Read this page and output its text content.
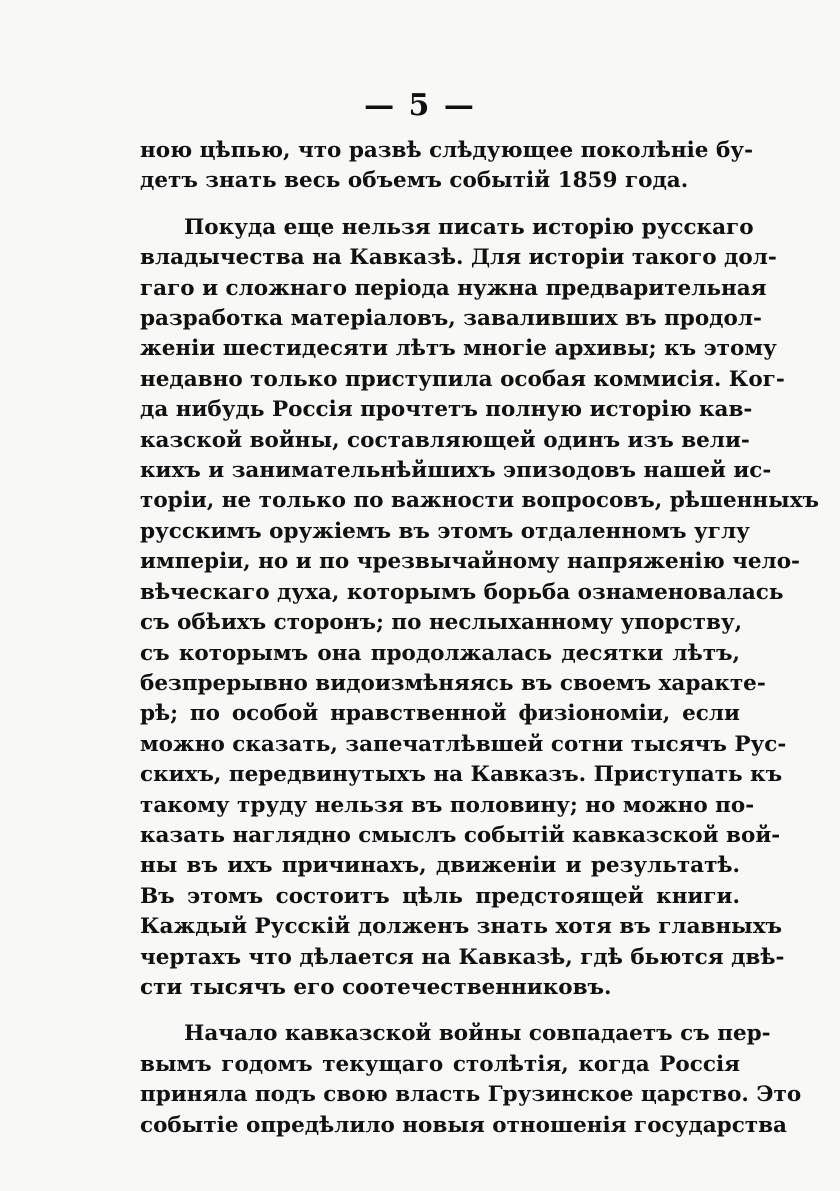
— 5 —

ною цѣпью, что развѣ слѣдующее поколѣніе бу-
детъ знать весь объемъ событій 1859 года.

Покуда еще нельзя писать исторію русскаго
владычества на Кавказѣ. Для исторіи такого дол-
гаго и сложнаго періода нужна предварительная
разработка матеріаловъ, заваливших въ продол-
женіи шестидесяти лѣтъ многіе архивы; къ этому
недавно только приступила особая коммисія. Ког-
да нибудь Россія прочтетъ полную исторію кав-
казской войны, составляющей одинъ изъ вели-
кихъ и занимательнѣйшихъ эпизодовъ нашей ис-
торіи, не только по важности вопросовъ, рѣшенныхъ
русскимъ оружіемъ въ этомъ отдаленномъ углу
имперіи, но и по чрезвычайному напряженію чело-
вѣческаго духа, которымъ борьба ознаменовалась
съ обѣихъ сторонъ; по неслыханному упорству,
съ которымъ она продолжалась десятки лѣтъ,
безпрерывно видоизмѣняясь въ своемъ характе-
рѣ; по особой нравственной физіономіи, если
можно сказать, запечатлѣвшей сотни тысячъ Рус-
скихъ, передвинутыхъ на Кавказъ. Приступать къ
такому труду нельзя въ половину; но можно по-
казать наглядно смыслъ событій кавказской вой-
ны въ ихъ причинахъ, движеніи и результатѣ.
Въ этомъ состоитъ цѣль предстоящей книги.
Каждый Русскій долженъ знать хотя въ главныхъ
чертахъ что дѣлается на Кавказѣ, гдѣ бьются двѣ-
сти тысячъ его соотечественниковъ.

Начало кавказской войны совпадаетъ съ пер-
вымъ годомъ текущаго столѣтія, когда Россія
приняла подъ свою власть Грузинское царство. Это
событіе опредѣлило новыя отношенія государства
